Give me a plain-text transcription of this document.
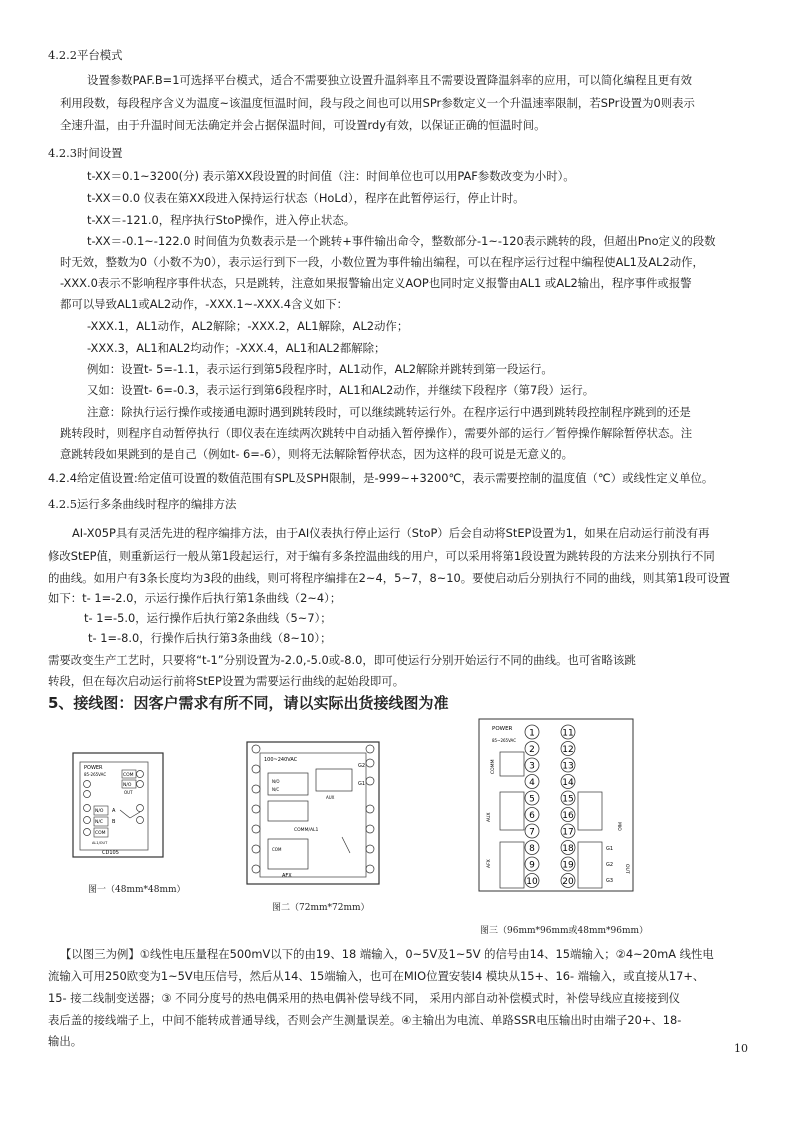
4.2.2平台模式
设置参数PAF.B=1可选择平台模式，适合不需要独立设置升温斜率且不需要设置降温斜率的应用，可以简化编程且更有效
利用段数，每段程序含义为温度~该温度恒温时间，段与段之间也可以用SPr参数定义一个升温速率限制，若SPr设置为0则表示
全速升温，由于升温时间无法确定并会占据保温时间，可设置rdy有效，以保证正确的恒温时间。
4.2.3时间设置
t-XX＝0.1~3200(分) 表示第XX段设置的时间值（注：时间单位也可以用PAF参数改变为小时）。
t-XX＝0.0 仪表在第XX段进入保持运行状态（HoLd），程序在此暂停运行，停止计时。
t-XX＝-121.0，程序执行StoP操作，进入停止状态。
t-XX＝-0.1~-122.0 时间值为负数表示是一个跳转+事件输出命令，整数部分-1~-120表示跳转的段，但超出Pno定义的段数
时无效，整数为0（小数不为0），表示运行到下一段，小数位置为事件输出编程，可以在程序运行过程中编程使AL1及AL2动作，
-XXX.0表示不影响程序事件状态，只是跳转，注意如果报警输出定义AOP也同时定义报警由AL1 或AL2输出，程序事件或报警
都可以导致AL1或AL2动作，-XXX.1~-XXX.4含义如下：
-XXX.1，AL1动作，AL2解除；-XXX.2，AL1解除，AL2动作；
-XXX.3，AL1和AL2均动作；-XXX.4，AL1和AL2都解除；
例如：设置t- 5=-1.1，表示运行到第5段程序时，AL1动作，AL2解除并跳转到第一段运行。
又如：设置t- 6=-0.3，表示运行到第6段程序时，AL1和AL2动作，并继续下段程序（第7段）运行。
注意：除执行运行操作或接通电源时遇到跳转段时，可以继续跳转运行外。在程序运行中遇到跳转段控制程序跳到的还是
跳转段时，则程序自动暂停执行（即仪表在连续两次跳转中自动插入暂停操作），需要外部的运行／暂停操作解除暂停状态。注
意跳转段如果跳到的是自己（例如t- 6=-6），则将无法解除暂停状态，因为这样的段可说是无意义的。
4.2.4给定值设置:给定值可设置的数值范围有SPL及SPH限制，是-999~+3200℃，表示需要控制的温度值（℃）或线性定义单位。
4.2.5运行多条曲线时程序的编排方法
AI-X05P具有灵活先进的程序编排方法，由于AI仪表执行停止运行（StoP）后会自动将StEP设置为1，如果在启动运行前没有再
修改StEP值，则重新运行一般从第1段起运行，对于编有多条控温曲线的用户，可以采用将第1段设置为跳转段的方法来分别执行不同
的曲线。如用户有3条长度均为3段的曲线，则可将程序编排在2~4，5~7，8~10。要使启动后分别执行不同的曲线，则其第1段可设置
如下：t- 1=-2.0，示运行操作后执行第1条曲线（2~4）；
t- 1=-5.0，运行操作后执行第2条曲线（5~7）；
t- 1=-8.0，行操作后执行第3条曲线（8~10）；
需要改变生产工艺时，只要将“t-1”分别设置为-2.0,-5.0或-8.0，即可使运行分别开始运行不同的曲线。也可省略该跳
转段，但在每次启动运行前将StEP设置为需要运行曲线的起始段即可。
5、接线图：因客户需求有所不同，请以实际出货接线图为准
POWER
85-265VAC	COM
N/O
OUT
N/O
N/C
COM
A
B
AL1/OUT
CD105
图一（48mm*48mm）
100~240VAC
COMM/AL1
AFX
G1
G2
AUX
N/O
N/C
COM
图二（72mm*72mm）
POWER
85~265VAC
COMM
AUX
AFX
MIO
OUT
1
2
3
4
5
6
7
8
9
10
11
12
13
14
15
16
17
18
19
20
G1
G2
G3
图三（96mm*96mm或48mm*96mm）
【以图三为例】①线性电压量程在500mV以下的由19、18 端输入，0~5V及1~5V 的信号由14、15端输入；②4~20mA 线性电
流输入可用250欧变为1~5V电压信号，然后从14、15端输入，也可在MIO位置安装I4 模块从15+、16- 端输入，或直接从17+、
15- 接二线制变送器；③ 不同分度号的热电偶采用的热电偶补偿导线不同， 采用内部自动补偿模式时，补偿导线应直接接到仪
表后盖的接线端子上，中间不能转成普通导线，否则会产生测量误差。④主输出为电流、单路SSR电压输出时由端子20+、18-
输出。
10
